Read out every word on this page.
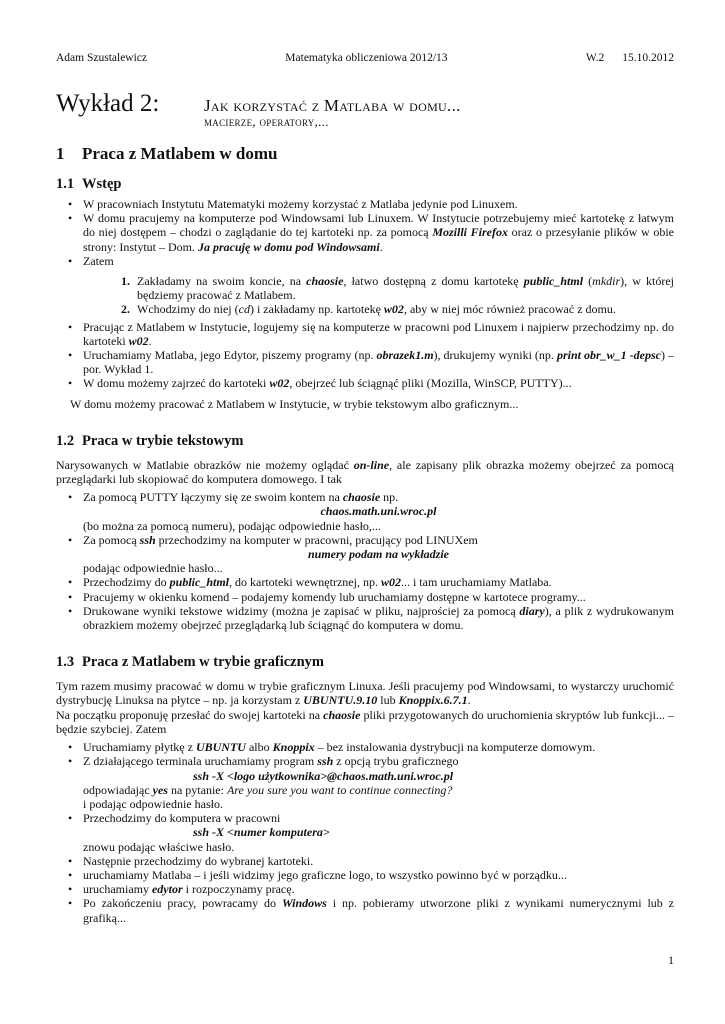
Adam Szustalewicz	Matematyka obliczeniowa 2012/13	W.2 15.10.2012
Wykład 2:	Jak korzystać z Matlaba w domu...
macierze, operatory,...
1 Praca z Matlabem w domu
1.1 Wstęp
• W pracowniach Instytutu Matematyki możemy korzystać z Matlaba jedynie pod Linuxem.
• W domu pracujemy na komputerze pod Windowsami lub Linuxem. W Instytucie potrzebujemy mieć kartotekę z łatwym do niej dostępem – chodzi o zaglądanie do tej kartoteki np. za pomocą Mozilli Firefox oraz o przesyłanie plików w obie strony: Instytut – Dom. Ja pracuję w domu pod Windowsami.
• Zatem
1. Zakładamy na swoim koncie, na chaosie, łatwo dostępną z domu kartotekę public_html (mkdir), w której będziemy pracować z Matlabem.
2. Wchodzimy do niej (cd) i zakładamy np. kartotekę w02, aby w niej móc również pracować z domu.
• Pracując z Matlabem w Instytucie, logujemy się na komputerze w pracowni pod Linuxem i najpierw przechodzimy np. do kartoteki w02.
• Uruchamiamy Matlaba, jego Edytor, piszemy programy (np. obrazek1.m), drukujemy wyniki (np. print obr_w_1 -depsc) – por. Wykład 1.
• W domu możemy zajrzeć do kartoteki w02, obejrzeć lub ściągnąć pliki (Mozilla, WinSCP, PUTTY)...
W domu możemy pracować z Matlabem w Instytucie, w trybie tekstowym albo graficznym...
1.2 Praca w trybie tekstowym
Narysowanych w Matlabie obrazków nie możemy oglądać on-line, ale zapisany plik obrazka możemy obejrzeć za pomocą przeglądarki lub skopiować do komputera domowego. I tak
• Za pomocą PUTTY łączymy się ze swoim kontem na chaosie np.
chaos.math.uni.wroc.pl
(bo można za pomocą numeru), podając odpowiednie hasło,...
• Za pomocą ssh przechodzimy na komputer w pracowni, pracujący pod LINUXem
numery podam na wykładzie
podając odpowiednie hasło...
• Przechodzimy do public_html, do kartoteki wewnętrznej, np. w02... i tam uruchamiamy Matlaba.
• Pracujemy w okienku komend – podajemy komendy lub uruchamiamy dostępne w kartotece programy...
• Drukowane wyniki tekstowe widzimy (można je zapisać w pliku, najprościej za pomocą diary), a plik z wydrukowanym obrazkiem możemy obejrzeć przeglądarką lub ściągnąć do komputera w domu.
1.3 Praca z Matlabem w trybie graficznym
Tym razem musimy pracować w domu w trybie graficznym Linuxa. Jeśli pracujemy pod Windowsami, to wystarczy uruchomić dystrybucję Linuksa na płytce – np. ja korzystam z UBUNTU.9.10 lub Knoppix.6.7.1.
Na początku proponuję przesłać do swojej kartoteki na chaosie pliki przygotowanych do uruchomienia skryptów lub funkcji... – będzie szybciej. Zatem
• Uruchamiamy płytkę z UBUNTU albo Knoppix – bez instalowania dystrybucji na komputerze domowym.
• Z działającego terminala uruchamiamy program ssh z opcją trybu graficznego
ssh -X <logo użytkownika>@chaos.math.uni.wroc.pl
odpowiadając yes na pytanie: Are you sure you want to continue connecting?
i podając odpowiednie hasło.
• Przechodzimy do komputera w pracowni
ssh -X <numer komputera>
znowu podając właściwe hasło.
• Następnie przechodzimy do wybranej kartoteki.
• uruchamiamy Matlaba – i jeśli widzimy jego graficzne logo, to wszystko powinno być w porządku...
• uruchamiamy edytor i rozpoczynamy pracę.
• Po zakończeniu pracy, powracamy do Windows i np. pobieramy utworzone pliki z wynikami numerycznymi lub z grafiką...
1
